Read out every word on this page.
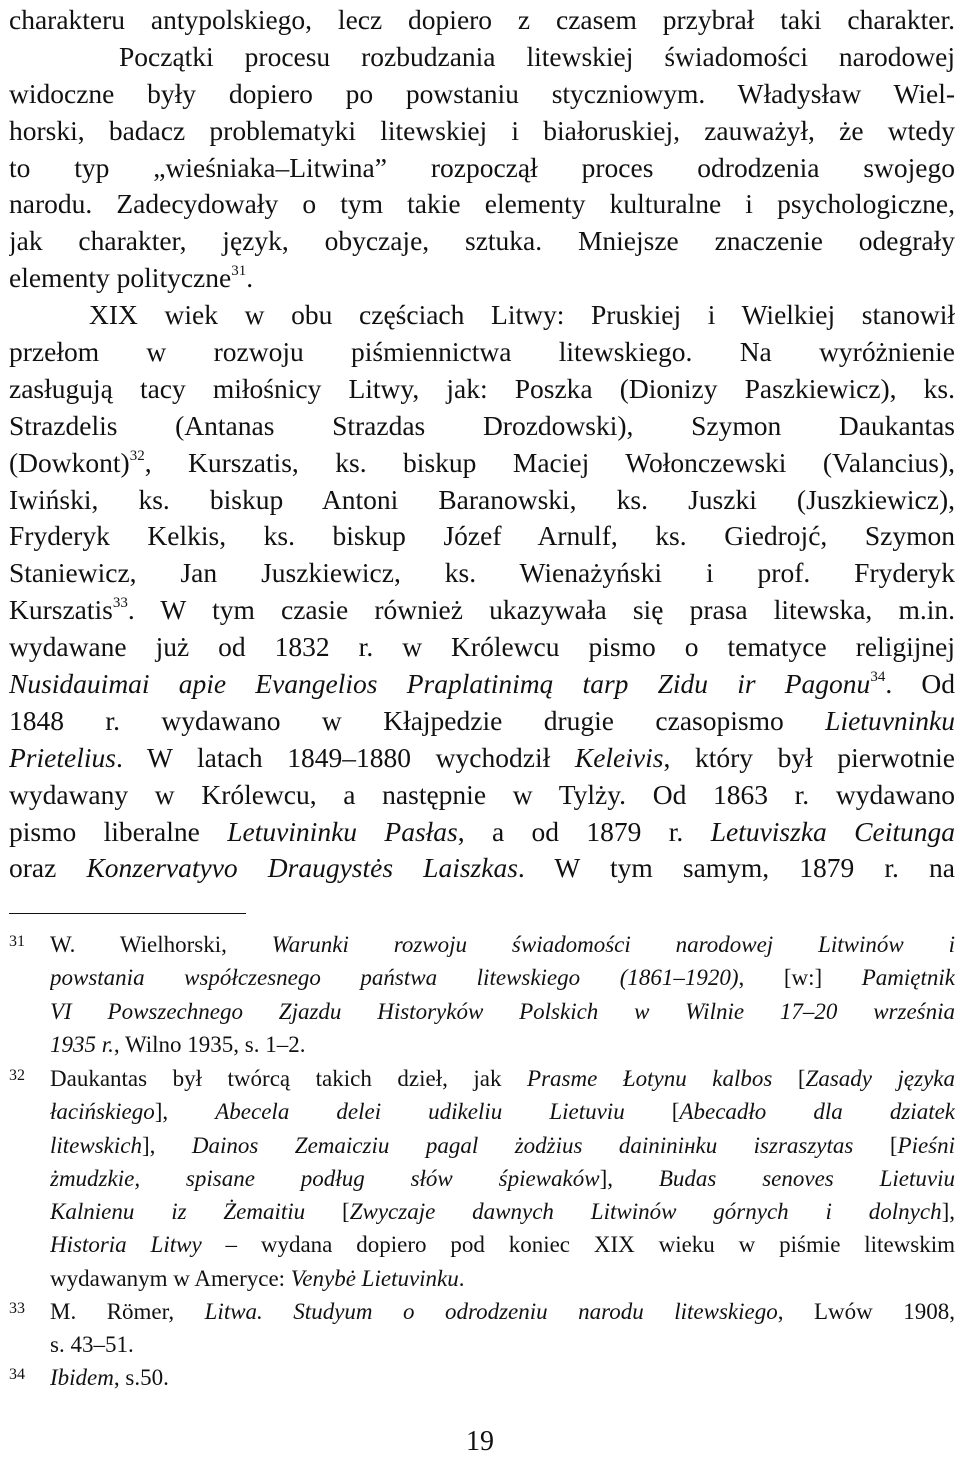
charakteru antypolskiego, lecz dopiero z czasem przybrał taki charakter.
Początki procesu rozbudzania litewskiej świadomości narodowej
widoczne były dopiero po powstaniu styczniowym. Władysław Wiel-
horski, badacz problematyki litewskiej i białoruskiej, zauważył, że wtedy
to typ „wieśniaka–Litwina” rozpoczął proces odrodzenia swojego
narodu. Zadecydowały o tym takie elementy kulturalne i psychologiczne,
jak charakter, język, obyczaje, sztuka. Mniejsze znaczenie odegrały
elementy polityczne$^{31}$.
XIX wiek w obu częściach Litwy: Pruskiej i Wielkiej stanowił
przełom w rozwoju piśmiennictwa litewskiego. Na wyróżnienie
zasługują tacy miłośnicy Litwy, jak: Poszka (Dionizy Paszkiewicz), ks.
Strazdelis (Antanas Strazdas Drozdowski), Szymon Daukantas
(Dowkont)$^{32}$, Kurszatis, ks. biskup Maciej Wołonczewski (Valancius),
Iwiński, ks. biskup Antoni Baranowski, ks. Juszki (Juszkiewicz),
Fryderyk Kelkis, ks. biskup Józef Arnulf, ks. Giedrojć, Szymon
Staniewicz, Jan Juszkiewicz, ks. Wienażyński i prof. Fryderyk
Kurszatis$^{33}$. W tym czasie również ukazywała się prasa litewska, m.in.
wydawane już od 1832 r. w Królewcu pismo o tematyce religijnej
Nusidauimai apie Evangelios Praplatinimą tarp Zidu ir Pagonu$^{34}$. Od
1848 r. wydawano w Kłajpedzie drugie czasopismo Lietuvninku
Prietelius. W latach 1849–1880 wychodził Keleivis, który był pierwotnie
wydawany w Królewcu, a następnie w Tylży. Od 1863 r. wydawano
pismo liberalne Letuvininku Pasłas, a od 1879 r. Letuviszka Ceitunga
oraz Konzervatyvo Draugystės Laiszkas. W tym samym, 1879 r. na
31 W. Wielhorski, Warunki rozwoju świadomości narodowej Litwinów i
powstania współczesnego państwa litewskiego (1861–1920), [w:] Pamiętnik
VI Powszechnego Zjazdu Historyków Polskich w Wilnie 17–20 września
1935 r., Wilno 1935, s. 1–2.
32 Daukantas był twórcą takich dzieł, jak Prasme Łotynu kalbos [Zasady języka
łacińskiego], Abecela delei udikeliu Lietuviu [Abecadło dla dziatek
litewskich], Dainos Zemaicziu pagal żodżius daininінku iszraszytas [Pieśni
żmudzkie, spisane podług słów śpiewaków], Budas senoves Lietuviu
Kalnienu iz Żemaitiu [Zwyczaje dawnych Litwinów górnych i dolnych],
Historia Litwy – wydana dopiero pod koniec XIX wieku w piśmie litewskim
wydawanym w Ameryce: Venybė Lietuvinku.
33 M. Römer, Litwa. Studyum o odrodzeniu narodu litewskiego, Lwów 1908,
s. 43–51.
34 Ibidem, s.50.
19
